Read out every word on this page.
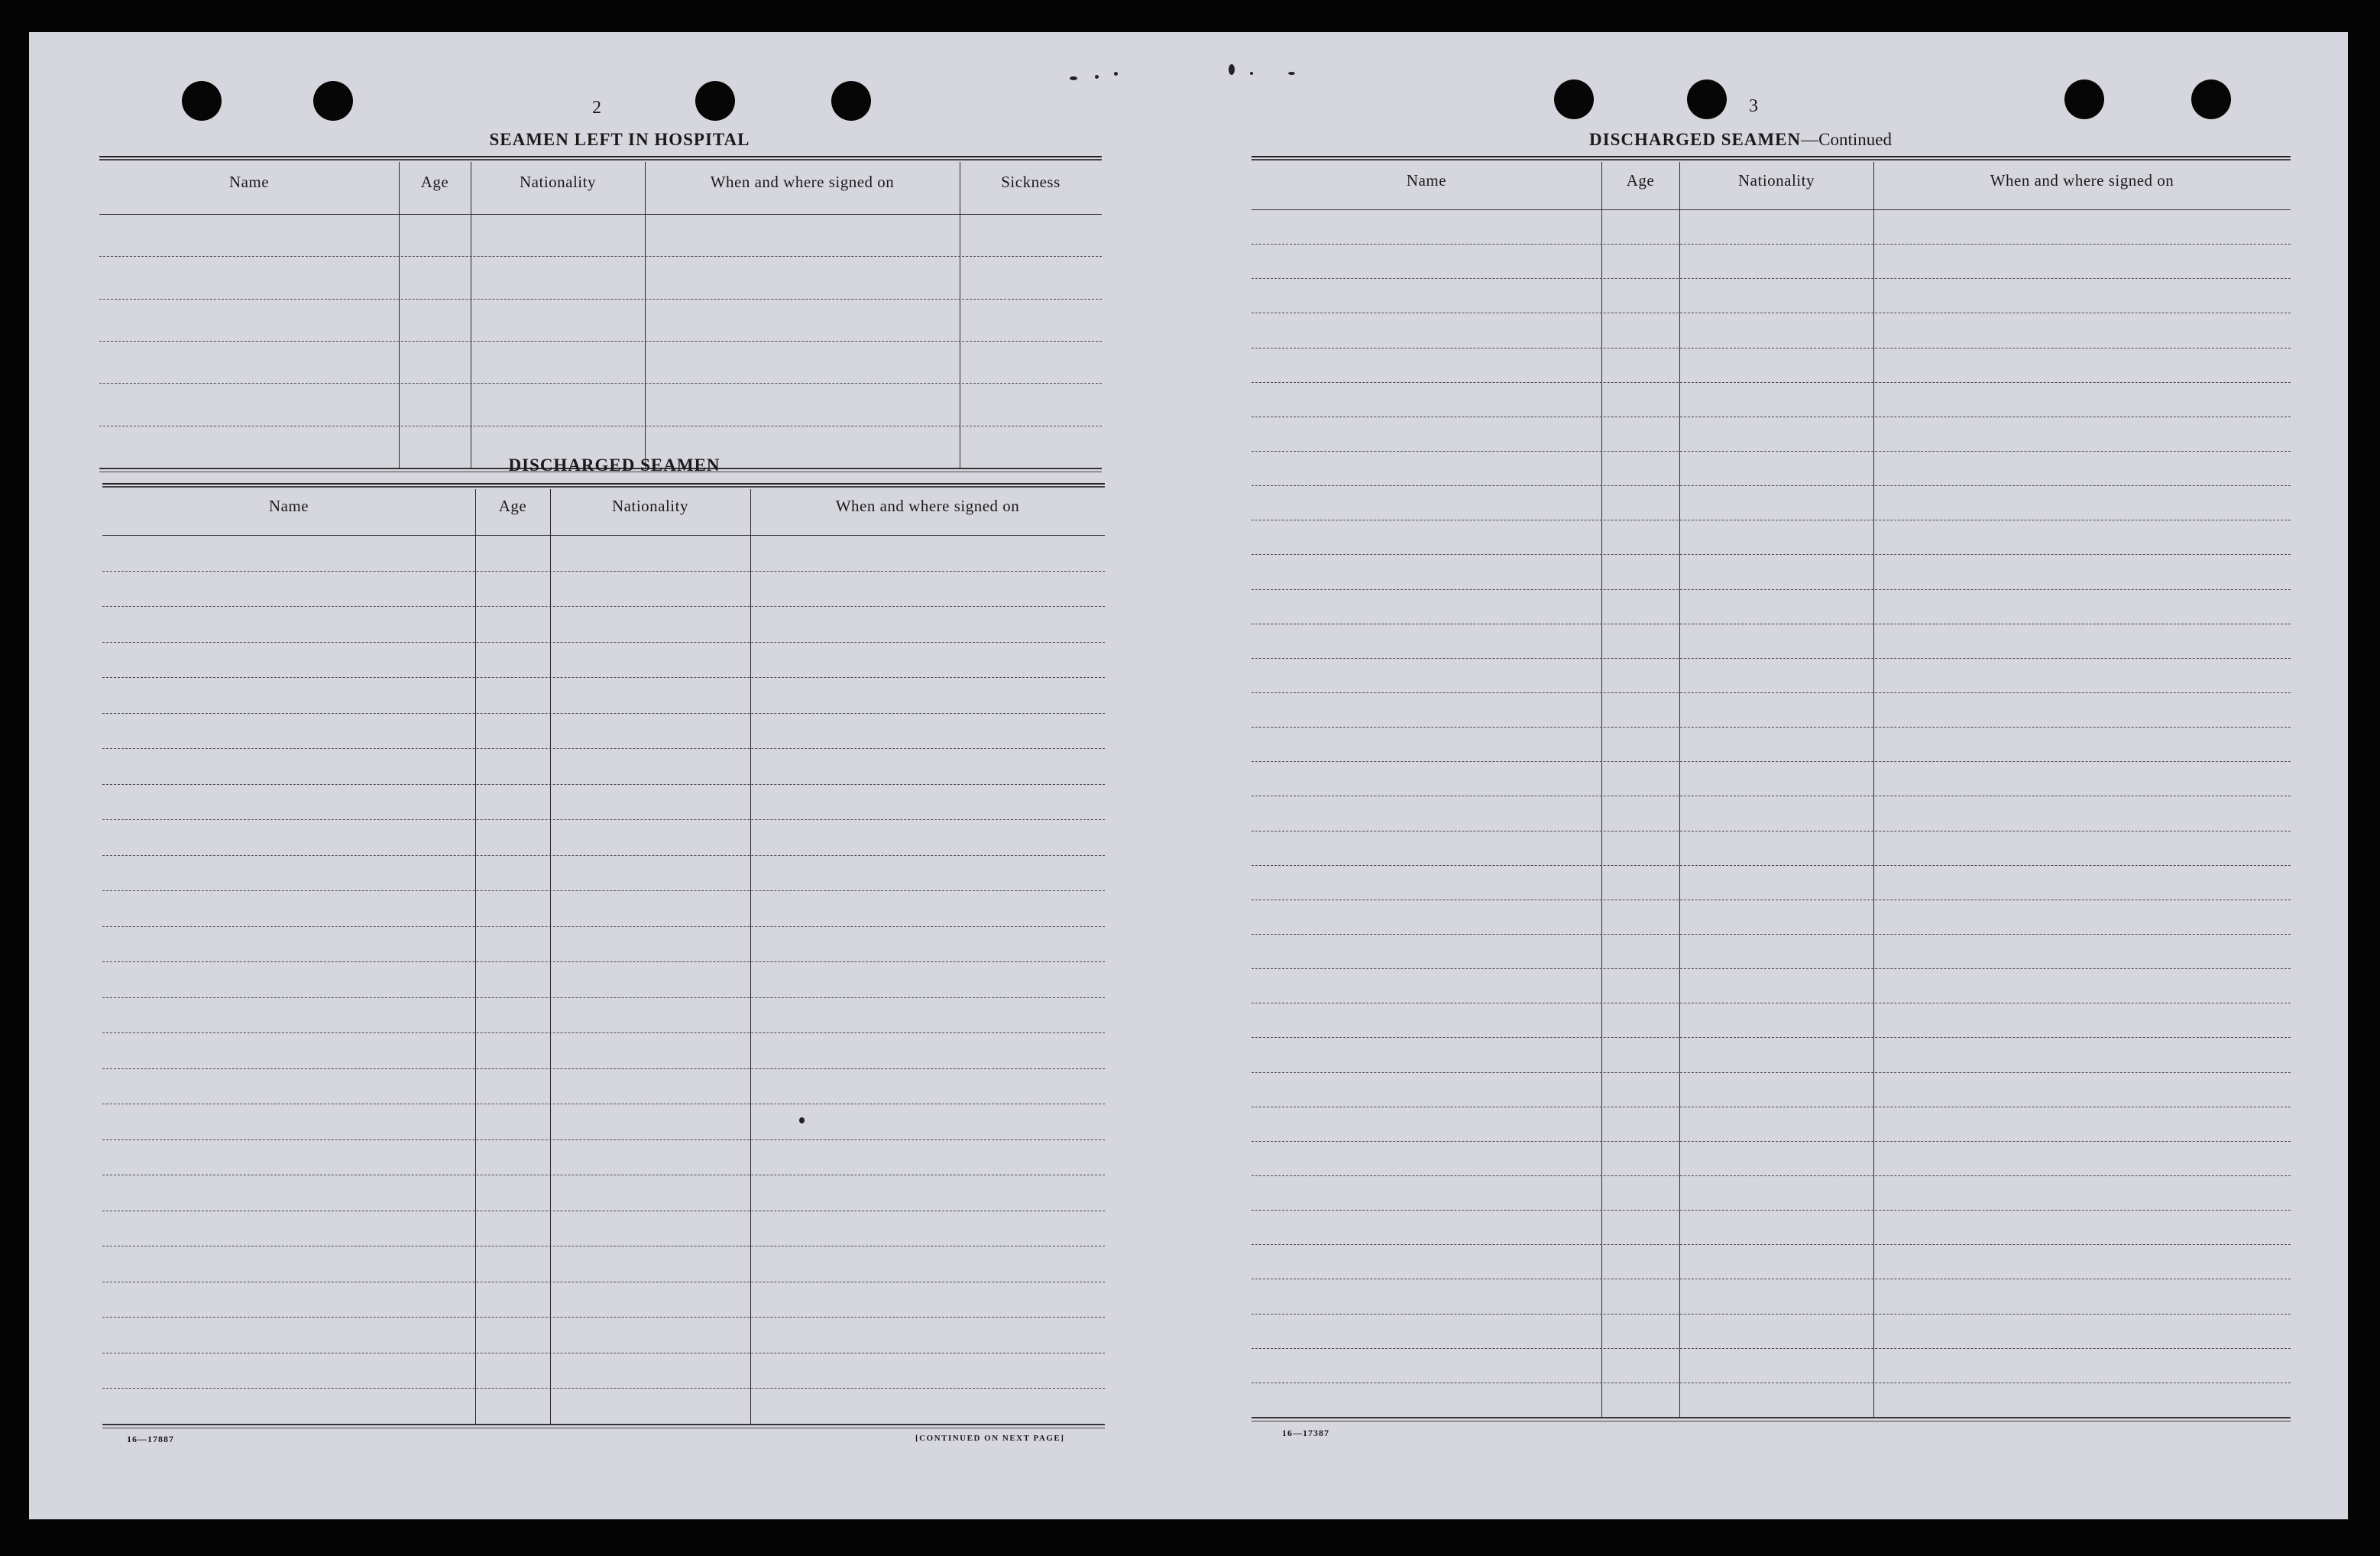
2
SEAMEN LEFT IN HOSPITAL
Name	Age	Nationality	When and where signed on	Sickness
DISCHARGED SEAMEN
Name	Age	Nationality	When and where signed on
16—17887	[CONTINUED ON NEXT PAGE]
3
DISCHARGED SEAMEN—Continued
Name	Age	Nationality	When and where signed on
16—17387
